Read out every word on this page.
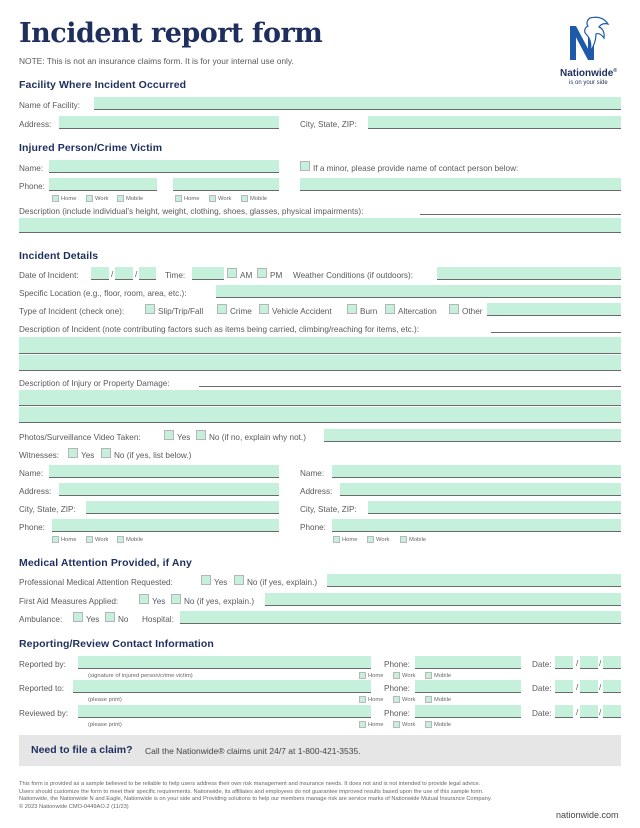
Incident report form
NOTE: This is not an insurance claims form. It is for your internal use only.
Nationwide®
is on your side
Facility Where Incident Occurred
Name of Facility:
Address:	City, State, ZIP:
Injured Person/Crime Victim
Name:	If a minor, please provide name of contact person below:
Phone:
Home	Work	Mobile	Home	Work	Mobile
Description (include individual’s height, weight, clothing, shoes, glasses, physical impairments):
Incident Details
Date of Incident:	/	/	Time:	AM PM Weather Conditions (if outdoors):
Specific Location (e.g., floor, room, area, etc.):
Type of Incident (check one):	Slip/Trip/Fall	Crime Vehicle Accident	Burn	Altercation	Other
Description of Incident (note contributing factors such as items being carried, climbing/reaching for items, etc.):
Description of Injury or Property Damage:
Photos/Surveillance Video Taken:	Yes No (if no, explain why not.)
Witnesses:	Yes No (if yes, list below.)
Name:
Address:
City, State, ZIP:
Phone:
Home	Work	Mobile
Name:
Address:
City, State, ZIP:
Phone:
Home	Work	Mobile
Medical Attention Provided, if Any
Professional Medical Attention Requested:	Yes No (if yes, explain.)
First Aid Measures Applied:	Yes No (if yes, explain.)
Ambulance:	Yes No Hospital:
Reporting/Review Contact Information
Reported by:	Phone:	Date:	/	/
(signature of injured person/crime victim)	Home	Work	Mobile
Reported to:	Phone:	Date:	/	/
(please print)	Home	Work	Mobile
Reviewed by:	Phone:	Date:	/	/
(please print)	Home	Work	Mobile
Need to file a claim? Call the Nationwide® claims unit 24/7 at 1-800-421-3535.
This form is provided as a sample believed to be reliable to help users address their own risk management and insurance needs. It does not and is not intended to provide legal advice.
Users should customize the form to meet their specific requirements. Nationwide, its affiliates and employees do not guarantee improved results based upon the use of this sample form.
Nationwide, the Nationwide N and Eagle, Nationwide is on your side and Providing solutions to help our members manage risk are service marks of Nationwide Mutual Insurance Company.
© 2023 Nationwide CMO-0449AO.2 (11/23)
nationwide.com
